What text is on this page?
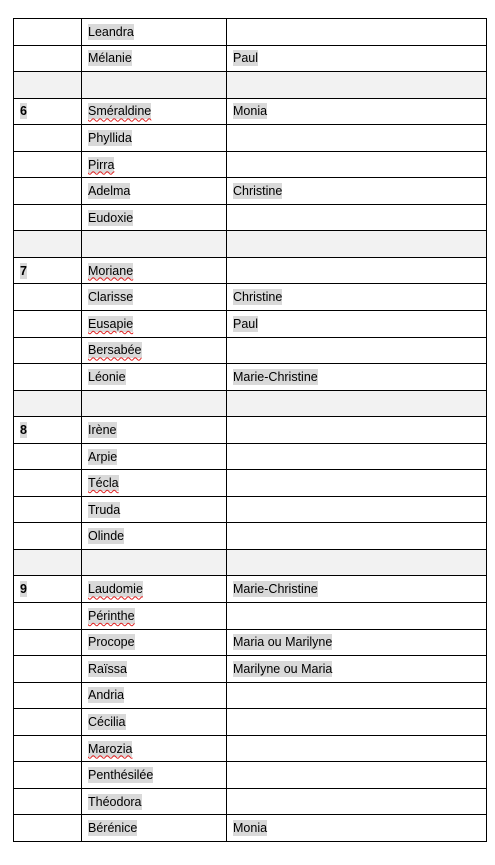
	Leandra	
	Mélanie	Paul

6	Sméraldine	Monia
	Phyllida	
	Pirra	
	Adelma	Christine
	Eudoxie	

7	Moriane	
	Clarisse	Christine
	Eusapie	Paul
	Bersabée	
	Léonie	Marie-Christine

8	Irène	
	Arpie	
	Técla	
	Truda	
	Olinde	

9	Laudomie	Marie-Christine
	Périnthe	
	Procope	Maria ou Marilyne
	Raïssa	Marilyne ou Maria
	Andria	
	Cécilia	
	Marozia	
	Penthésilée	
	Théodora	
	Bérénice	Monia
